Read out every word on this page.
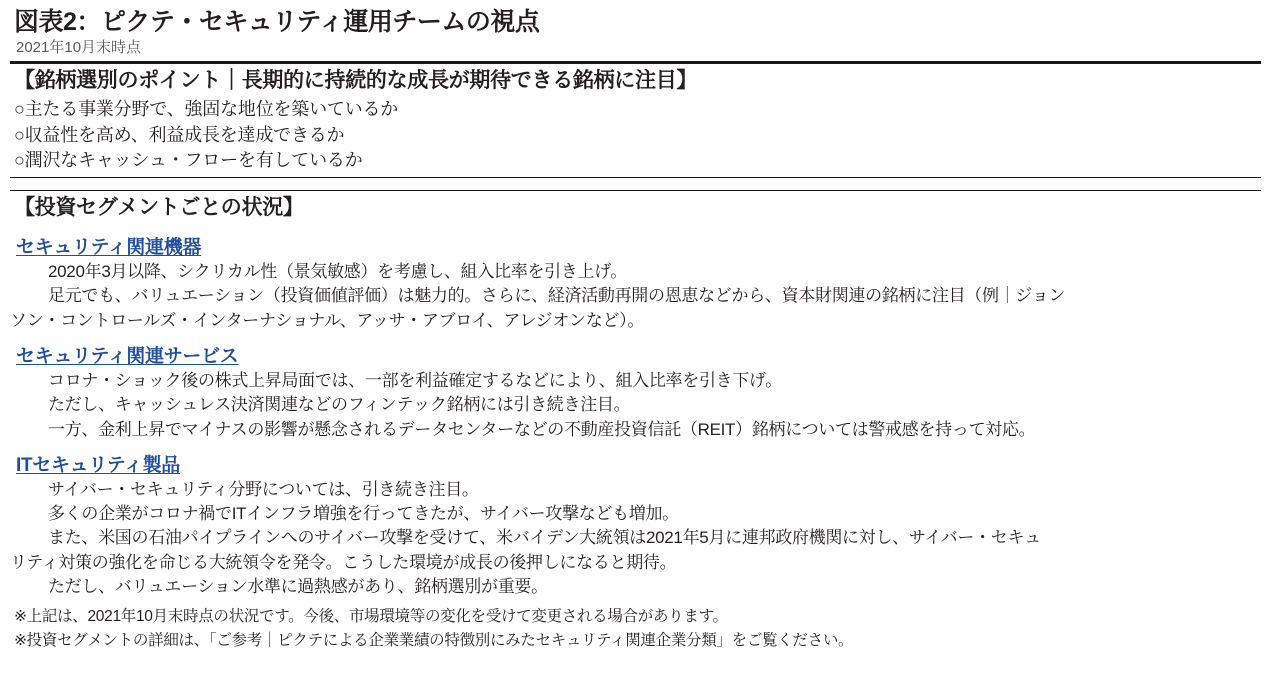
図表2：ピクテ・セキュリティ運用チームの視点
2021年10月末時点
【銘柄選別のポイント｜長期的に持続的な成長が期待できる銘柄に注目】
○主たる事業分野で、強固な地位を築いているか
○収益性を高め、利益成長を達成できるか
○潤沢なキャッシュ・フローを有しているか
【投資セグメントごとの状況】
セキュリティ関連機器
2020年3月以降、シクリカル性（景気敏感）を考慮し、組入比率を引き上げ。
足元でも、バリュエーション（投資価値評価）は魅力的。さらに、経済活動再開の恩恵などから、資本財関連の銘柄に注目（例｜ジョン
ソン・コントロールズ・インターナショナル、アッサ・アブロイ、アレジオンなど）。
セキュリティ関連サービス
コロナ・ショック後の株式上昇局面では、一部を利益確定するなどにより、組入比率を引き下げ。
ただし、キャッシュレス決済関連などのフィンテック銘柄には引き続き注目。
一方、金利上昇でマイナスの影響が懸念されるデータセンターなどの不動産投資信託（REIT）銘柄については警戒感を持って対応。
ITセキュリティ製品
サイバー・セキュリティ分野については、引き続き注目。
多くの企業がコロナ禍でITインフラ増強を行ってきたが、サイバー攻撃なども増加。
また、米国の石油パイプラインへのサイバー攻撃を受けて、米バイデン大統領は2021年5月に連邦政府機関に対し、サイバー・セキュ
リティ対策の強化を命じる大統領令を発令。こうした環境が成長の後押しになると期待。
ただし、バリュエーション水準に過熱感があり、銘柄選別が重要。
※上記は、2021年10月末時点の状況です。今後、市場環境等の変化を受けて変更される場合があります。
※投資セグメントの詳細は、「ご参考｜ピクテによる企業業績の特徴別にみたセキュリティ関連企業分類」をご覧ください。
